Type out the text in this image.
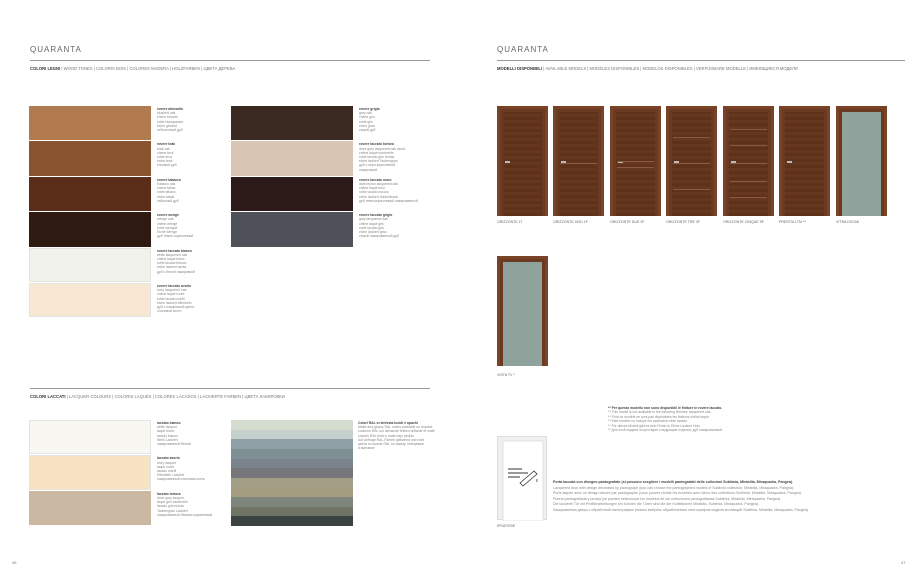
QUARANTA
COLORI LEGNI | WOOD TONES | COLORIS BOIS | COLORES MADERA | HOLZFARBEN | ЦВЕТА ДЕРЕВА
rovere alinearite
blushed oak
chene blanchi
roble blanqueado
eiche gebeizt
отбеленный дуб
rovere teak
teak oak
chene teck
roble teca
eiche teak
тиковый дуб
rovere tabacco
tobacco oak
chene tabac
roble tabaco
eiche tabak
табачный дуб
rovere wengé
wengé oak
chêne wengé
roble wengué
Eiche Wenge
дуб темно-коричневый
rovere laccato bianco
white lacquered oak
chêne laqué blanc
roble lacado blanco
eiche lackiert weiss
дуб с белой лакировкой
rovere laccato avorio
ivory lacquered oak
chêne laqué ivoire
roble lacado marfil
eiche lackiert elfenbein
дуб с лакировкой цвета
слоновой кости
rovere grigio
grey oak
chene gris
roble gris
eiche grau
серый дуб
rovere laccato tortora
dove grey lacquered oak wood
chêne laqué tourterelle
roble lacado gris tórtola
eiche lackiert Taubengrau
дуб с серо-коричневой
лакировкой
rovere laccato moro
dark brown lacquered oak
chêne laqué brun
roble lacado oscuro
eiche lackiert dunkelbraun
дуб темнокоричневый лакированный
rovere laccato grigio
grey lacquered oak
chêne laqué gris
roble lacado gris
eiche lackiert grau
серый лакированный дуб
COLORI LACCATI | LACQUER COLOURS | COLORIS LAQUÉS | COLORES LACADOS | LACKIERTE FARBEN | ЦВЕТА ЛАКИРОВКИ
laccato bianco
white lacquer
laqué blanc
lacado blanco
Weiß Lackiert
лакированный белый
laccato avorio
ivory lacquer
laqué ivoire
lacado marfil
Elfenbein Lackiert
лакированный слоновая кость
laccato tortora
dove grey lacquer
laqué gris tourterelle
lacado gris tórtola
Taubengrau Lackiert
лакированный бежево-коричневый
Colori RAL a richiesta lucidi e opachi
Matte and glossy RAL colors available on request
couleurs RAL sur demande finition brillante et mate
colores RAL brillo y mate bajo pedido
Auf Anfrage RAL-Farben glänzend und matt
цвета по шкале RAL по заказу, глянцевые
и матовые
46
QUARANTA
MODELLI DISPONIBILI | AVAILABLE MODELS | MODÈLES DISPONIBLES | MODELOS DISPONIBLES | VERFÜGBARE MODELLE | ИМЕЮЩИЕСЯ МОДЕЛИ
ORIZZONTE LT	ORIZZONTE UNO 1F	ORIZZONTE DUE 2F	ORIZZONTE TRE 3F	ORIZZONTE CINQUE 5F	PRESTIA LTM **	VITRA H2O08
VISTA TV *
** Per questo modello non sono disponibili le finiture in rovere laccato.
** This model is not available in the following finishes: lacquered oak.
** Pour ce modèle ne sont pas disponibles les finitions chêne laqué.
** Este modelo no incluye los acabados roble lacado.
** Für dieses Modell gibt es kein Finish in Eiche Lackiert Holz.
** Для этой модели отсутствуют следующие отделки: дуб лакированный.
IPSATISSE
Porta laccata con disegno pantografato (si possono scegliere i modelli pantografati delle collezioni Sublimia, Mirabilia, Miraquadra, Pangea).
Lacquered door with design decorated by pantograph (you can choose the pantographed models of Sublimia collection, Mirabilia, Miraquadra, Pangea).
Porte laquée avec un design décoré par pantographe (vous pouvez choisir les modèles avec décor des collections Sublimia, Mirabilia, Miraquadra, Pangea).
Puerta pantografiada y lacada (se pueden seleccionar los modelos de las colecciones pantografiadas Sublimia, Mirabilia, Miraquadra, Pangea).
Die lackierte Tür mit Profilbearbeitungen (es können die Türen sind die der Kollektionen Mirabilia, Sublimia, Miraquadra, Pangea).
Лакированная дверь с обработкой пантографом (можно выбрать обработанные пантографом модели коллекций Sublimia, Mirabilia, Miraquadra, Pangea).
47
